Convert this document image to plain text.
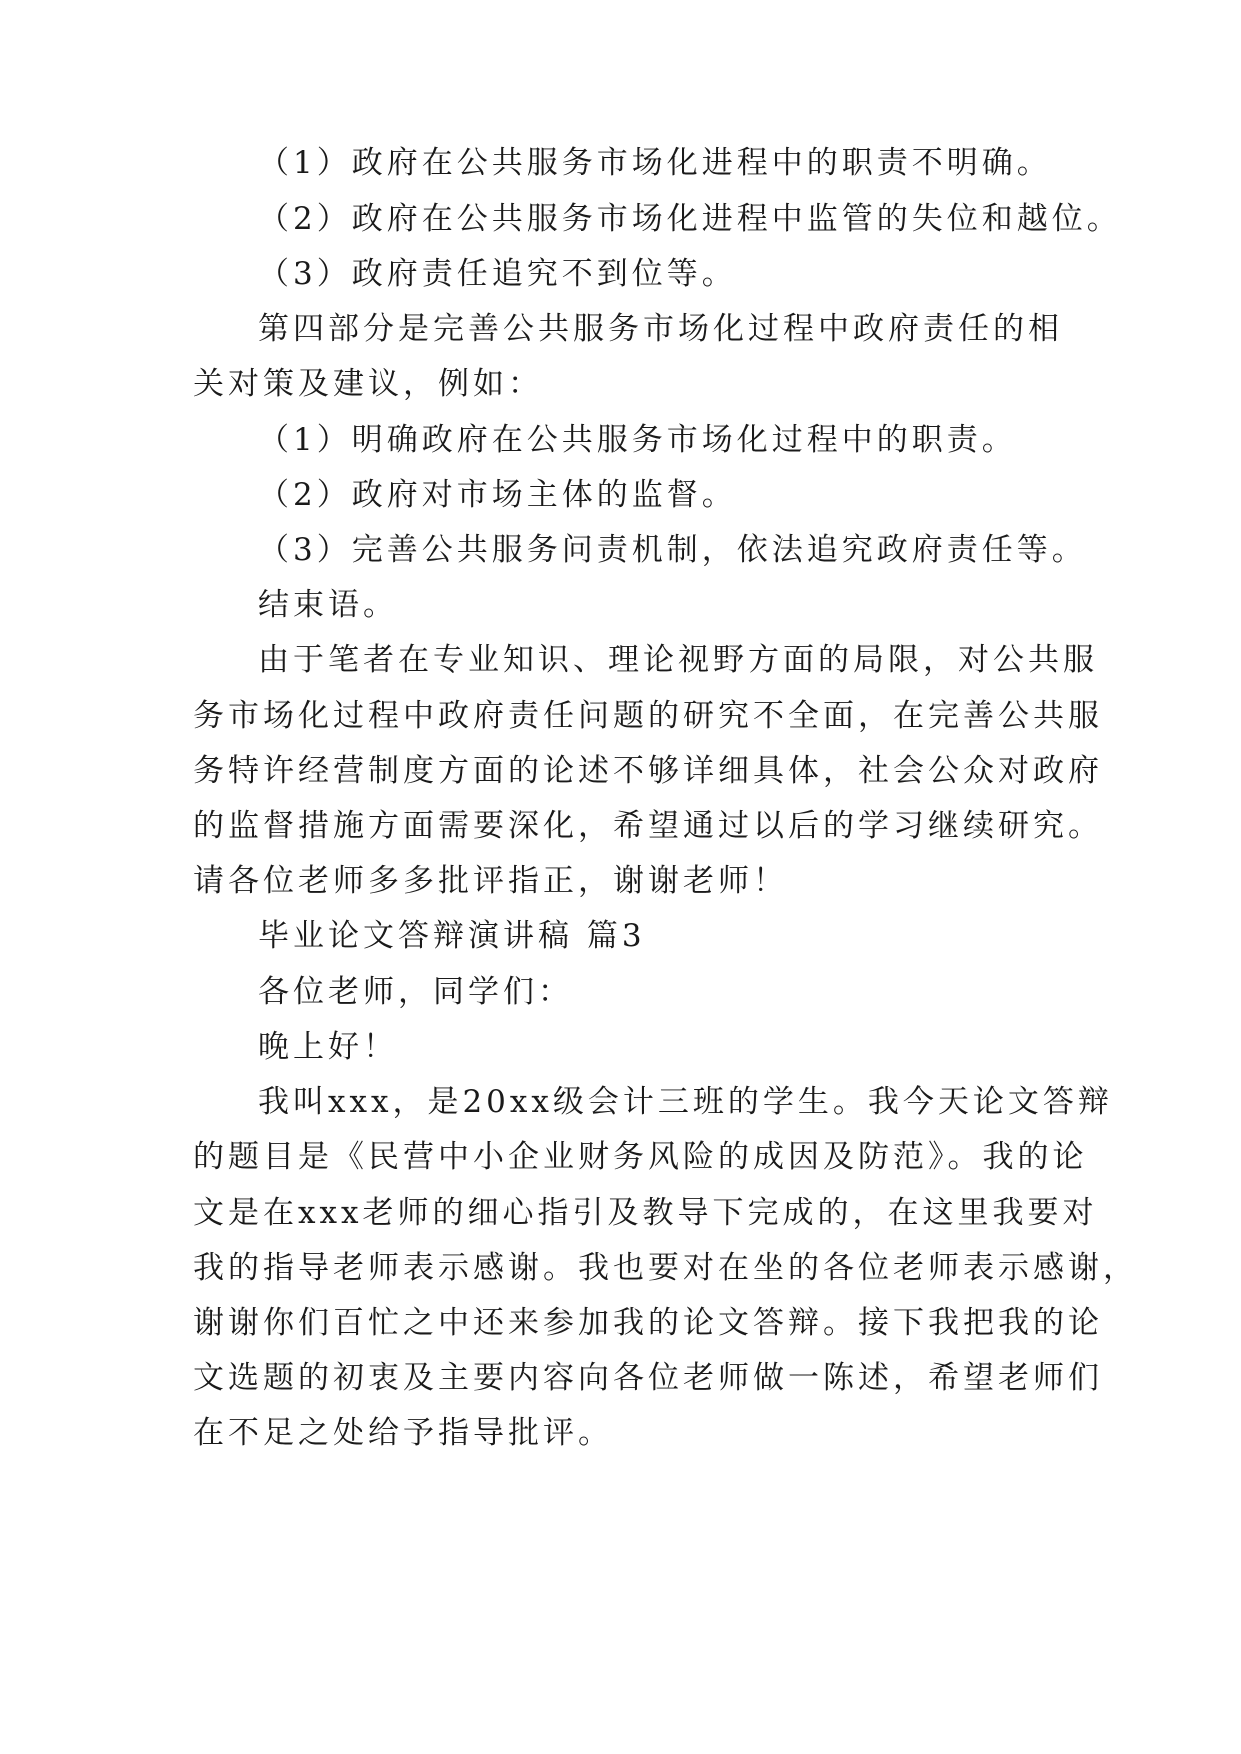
（1）政府在公共服务市场化进程中的职责不明确。
（2）政府在公共服务市场化进程中监管的失位和越位。
（3）政府责任追究不到位等。
第四部分是完善公共服务市场化过程中政府责任的相
关对策及建议，例如：
（1）明确政府在公共服务市场化过程中的职责。
（2）政府对市场主体的监督。
（3）完善公共服务问责机制，依法追究政府责任等。
结束语。
由于笔者在专业知识、理论视野方面的局限，对公共服
务市场化过程中政府责任问题的研究不全面，在完善公共服
务特许经营制度方面的论述不够详细具体，社会公众对政府
的监督措施方面需要深化，希望通过以后的学习继续研究。
请各位老师多多批评指正，谢谢老师！
毕业论文答辩演讲稿 篇3
各位老师，同学们：
晚上好！
我叫xxx，是20xx级会计三班的学生。我今天论文答辩
的题目是《民营中小企业财务风险的成因及防范》。我的论
文是在xxx老师的细心指引及教导下完成的，在这里我要对
我的指导老师表示感谢。我也要对在坐的各位老师表示感谢，
谢谢你们百忙之中还来参加我的论文答辩。接下我把我的论
文选题的初衷及主要内容向各位老师做一陈述，希望老师们
在不足之处给予指导批评。
